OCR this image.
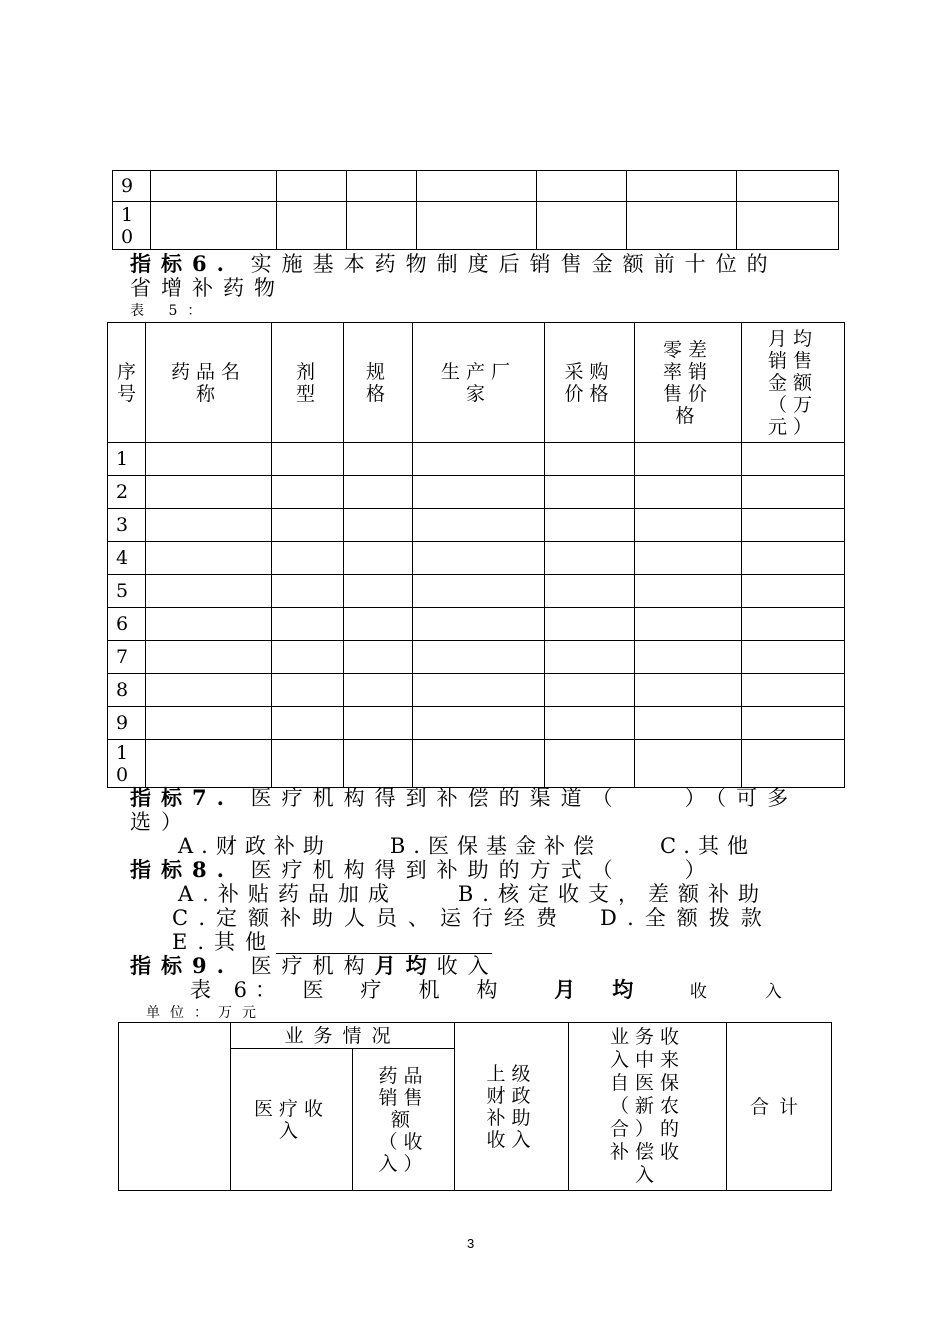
9							

10							

指标6. 实施基本药物制度后销售金额前十位的
省增补药物
表 5：
序号	药品名称	剂型	规格	生产厂家	采购价格	零差率销售价格	月均销售金额（万元）
1							
2							
3							
4							
5							
6							
7							
8							
9							

10							

指标7. 医疗机构得到补偿的渠道（　　）（可多
选）
A.财政补助　　B.医保基金补偿　　C.其他
指标8. 医疗机构得到补助的方式（　　）
A.补贴药品加成　　B.核定收支，差额补助
C.定额补助人员、运行经费　D.全额拨款
E.其他
指标9. 医疗机构月均收入
表 6：　医　疗　机　构 月　均	收　　入
单位：万元
	业务情况		上级财政补助收入	业务收入中来自医保（新农合）的补偿收入	合计
	医疗收入	药品销售额（收入）			
3
